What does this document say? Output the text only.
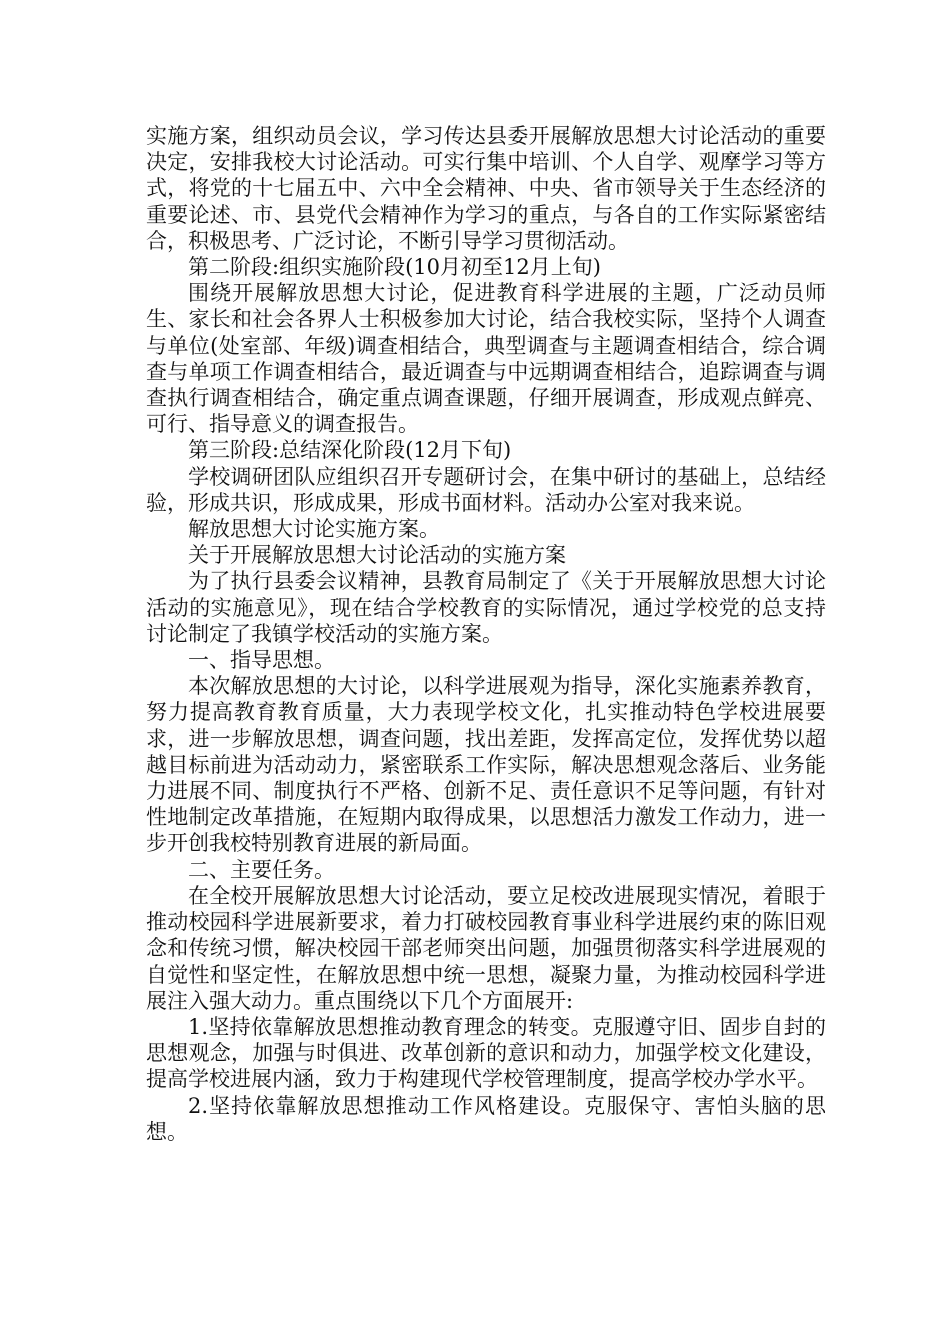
实施方案，组织动员会议，学习传达县委开展解放思想大讨论活动的重要决定，安排我校大讨论活动。可实行集中培训、个人自学、观摩学习等方式，将党的十七届五中、六中全会精神、中央、省市领导关于生态经济的重要论述、市、县党代会精神作为学习的重点，与各自的工作实际紧密结合，积极思考、广泛讨论，不断引导学习贯彻活动。

第二阶段:组织实施阶段(10月初至12月上旬)

围绕开展解放思想大讨论，促进教育科学进展的主题，广泛动员师生、家长和社会各界人士积极参加大讨论，结合我校实际，坚持个人调查与单位(处室部、年级)调查相结合，典型调查与主题调查相结合，综合调查与单项工作调查相结合，最近调查与中远期调查相结合，追踪调查与调查执行调查相结合，确定重点调查课题，仔细开展调查，形成观点鲜亮、可行、指导意义的调查报告。

第三阶段:总结深化阶段(12月下旬)

学校调研团队应组织召开专题研讨会，在集中研讨的基础上，总结经验，形成共识，形成成果，形成书面材料。活动办公室对我来说。

解放思想大讨论实施方案。

关于开展解放思想大讨论活动的实施方案

为了执行县委会议精神，县教育局制定了《关于开展解放思想大讨论活动的实施意见》，现在结合学校教育的实际情况，通过学校党的总支持讨论制定了我镇学校活动的实施方案。

一、指导思想。

本次解放思想的大讨论，以科学进展观为指导，深化实施素养教育，努力提高教育教育质量，大力表现学校文化，扎实推动特色学校进展要求，进一步解放思想，调查问题，找出差距，发挥高定位，发挥优势以超越目标前进为活动动力，紧密联系工作实际，解决思想观念落后、业务能力进展不同、制度执行不严格、创新不足、责任意识不足等问题，有针对性地制定改革措施，在短期内取得成果，以思想活力激发工作动力，进一步开创我校特别教育进展的新局面。

二、主要任务。

在全校开展解放思想大讨论活动，要立足校改进展现实情况，着眼于推动校园科学进展新要求，着力打破校园教育事业科学进展约束的陈旧观念和传统习惯，解决校园干部老师突出问题，加强贯彻落实科学进展观的自觉性和坚定性，在解放思想中统一思想，凝聚力量，为推动校园科学进展注入强大动力。重点围绕以下几个方面展开:

1.坚持依靠解放思想推动教育理念的转变。克服遵守旧、固步自封的思想观念，加强与时俱进、改革创新的意识和动力，加强学校文化建设，提高学校进展内涵，致力于构建现代学校管理制度，提高学校办学水平。

2.坚持依靠解放思想推动工作风格建设。克服保守、害怕头脑的思想。
